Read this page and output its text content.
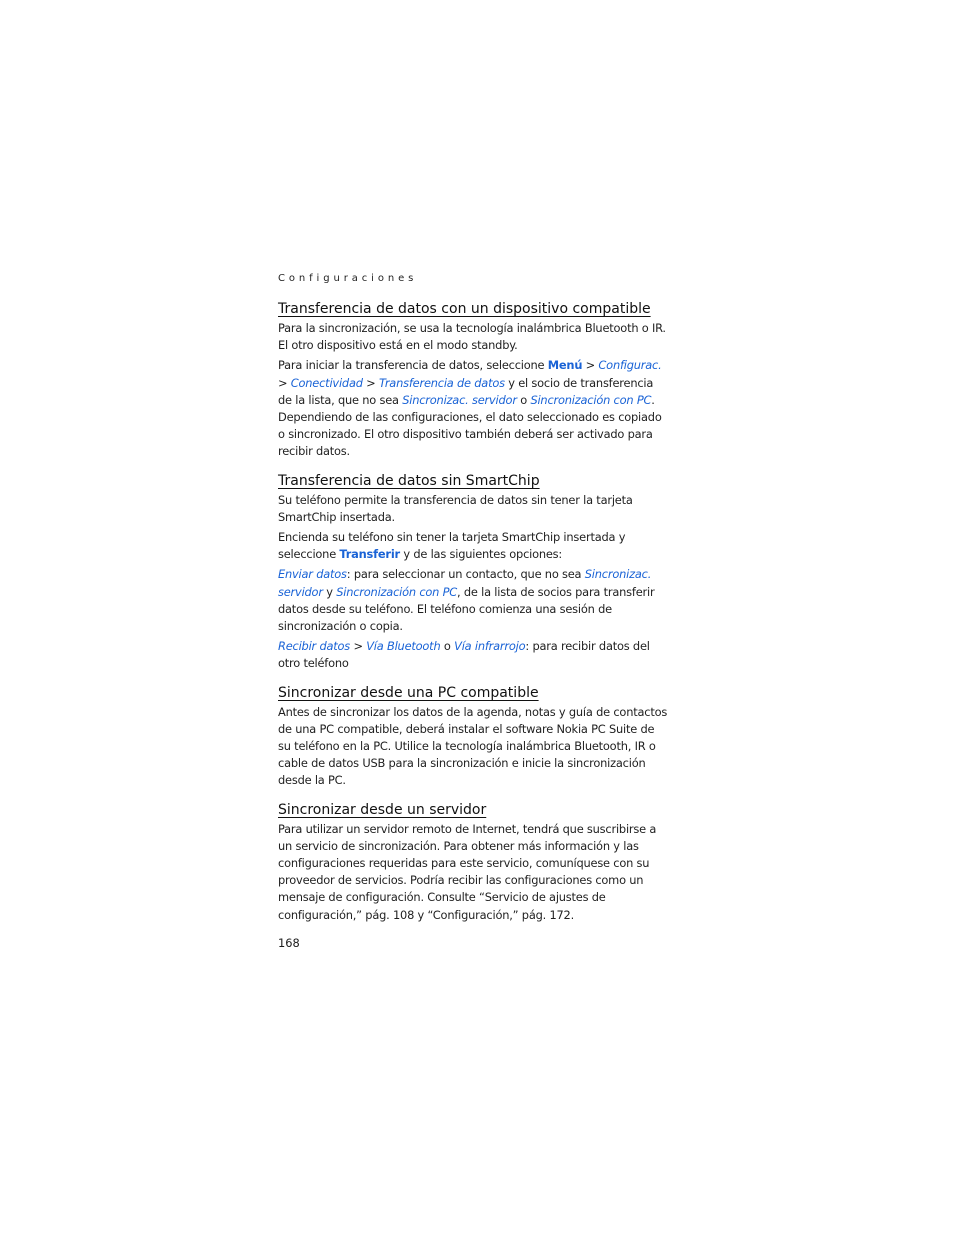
Configuraciones
Transferencia de datos con un dispositivo compatible

Para la sincronización, se usa la tecnología inalámbrica Bluetooth o IR. El otro dispositivo está en el modo standby.

Para iniciar la transferencia de datos, seleccione Menú > Configurac. > Conectividad > Transferencia de datos y el socio de transferencia de la lista, que no sea Sincronizac. servidor o Sincronización con PC. Dependiendo de las configuraciones, el dato seleccionado es copiado o sincronizado. El otro dispositivo también deberá ser activado para recibir datos.

Transferencia de datos sin SmartChip

Su teléfono permite la transferencia de datos sin tener la tarjeta SmartChip insertada.

Encienda su teléfono sin tener la tarjeta SmartChip insertada y seleccione Transferir y de las siguientes opciones:

Enviar datos: para seleccionar un contacto, que no sea Sincronizac. servidor y Sincronización con PC, de la lista de socios para transferir datos desde su teléfono. El teléfono comienza una sesión de sincronización o copia.

Recibir datos > Vía Bluetooth o Vía infrarrojo: para recibir datos del otro teléfono

Sincronizar desde una PC compatible

Antes de sincronizar los datos de la agenda, notas y guía de contactos de una PC compatible, deberá instalar el software Nokia PC Suite de su teléfono en la PC. Utilice la tecnología inalámbrica Bluetooth, IR o cable de datos USB para la sincronización e inicie la sincronización desde la PC.

Sincronizar desde un servidor

Para utilizar un servidor remoto de Internet, tendrá que suscribirse a un servicio de sincronización. Para obtener más información y las configuraciones requeridas para este servicio, comuníquese con su proveedor de servicios. Podría recibir las configuraciones como un mensaje de configuración. Consulte “Servicio de ajustes de configuración,” pág. 108 y “Configuración,” pág. 172.

168
